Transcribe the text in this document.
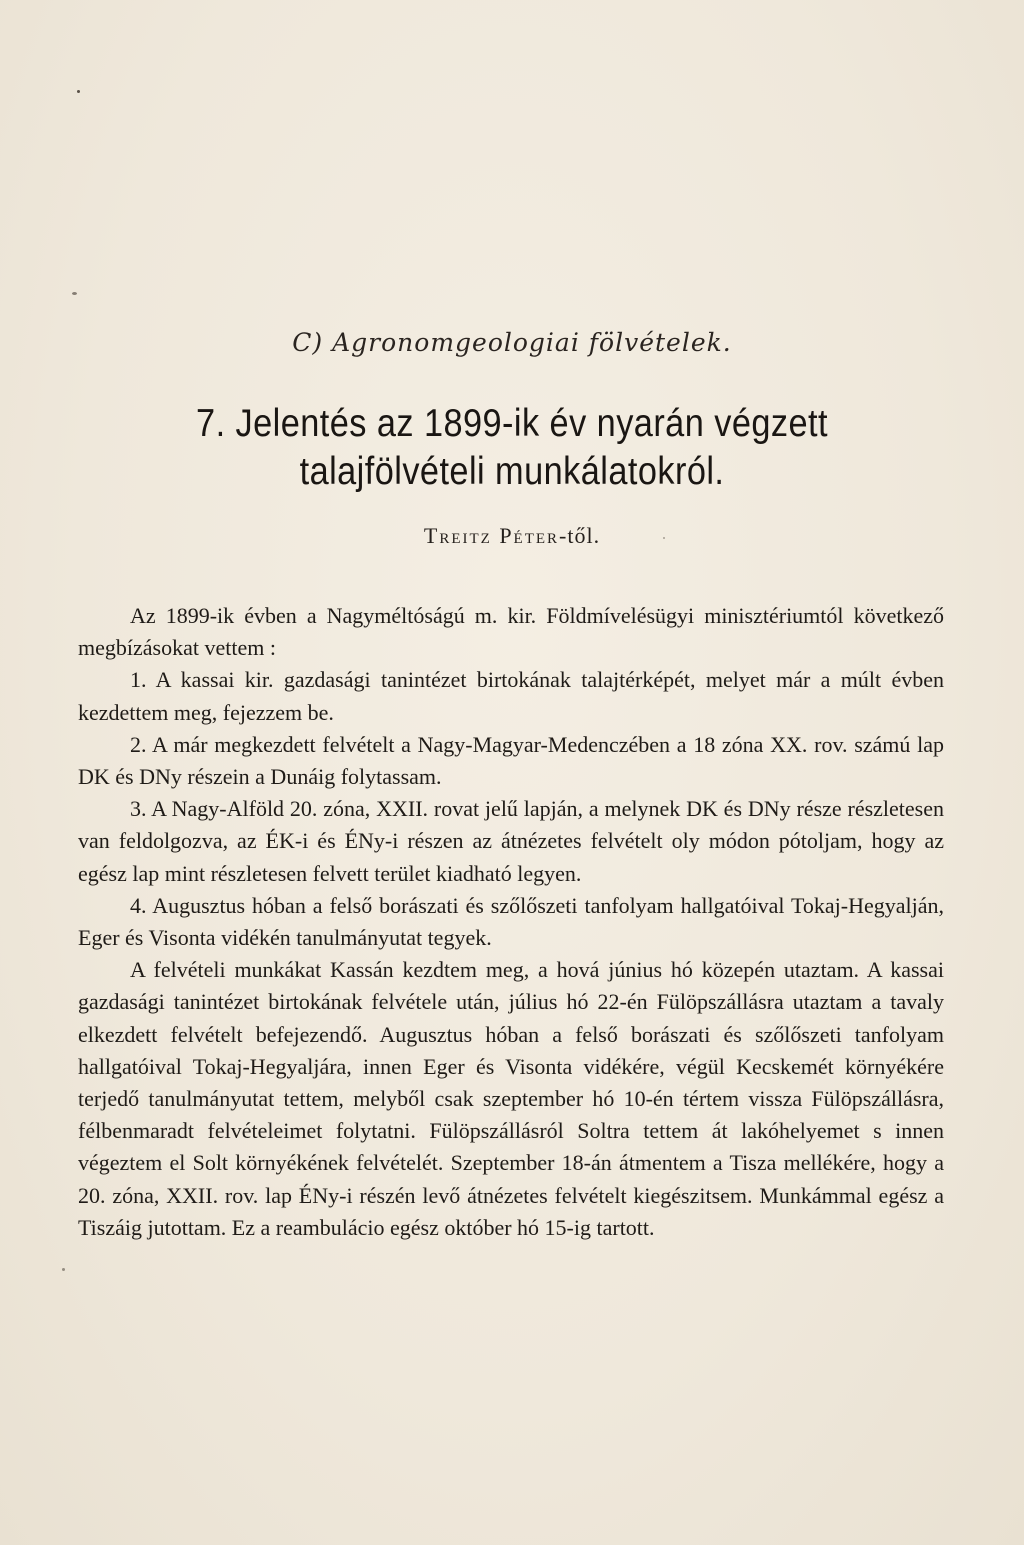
C) Agronomgeologiai fölvételek.
7. Jelentés az 1899-ik év nyarán végzett talajfölvételi munkálatokról.
Treitz Péter-től.

Az 1899-ik évben a Nagyméltóságú m. kir. Földmívelésügyi minisztériumtól következő megbízásokat vettem :

1. A kassai kir. gazdasági tanintézet birtokának talajtérképét, melyet már a múlt évben kezdettem meg, fejezzem be.

2. A már megkezdett felvételt a Nagy-Magyar-Medenczében a 18 zóna XX. rov. számú lap DK és DNy részein a Dunáig folytassam.

3. A Nagy-Alföld 20. zóna, XXII. rovat jelű lapján, a melynek DK és DNy része részletesen van feldolgozva, az ÉK-i és ÉNy-i részen az átnézetes felvételt oly módon pótoljam, hogy az egész lap mint részletesen felvett terület kiadható legyen.

4. Augusztus hóban a felső borászati és szőlőszeti tanfolyam hallgatóival Tokaj-Hegyalján, Eger és Visonta vidékén tanulmányutat tegyek.

A felvételi munkákat Kassán kezdtem meg, a hová június hó közepén utaztam. A kassai gazdasági tanintézet birtokának felvétele után, július hó 22-én Fülöpszállásra utaztam a tavaly elkezdett felvételt befejezendő. Augusztus hóban a felső borászati és szőlőszeti tanfolyam hallgatóival Tokaj-Hegyaljára, innen Eger és Visonta vidékére, végül Kecskemét környékére terjedő tanulmányutat tettem, melyből csak szeptember hó 10-én tértem vissza Fülöpszállásra, félbenmaradt felvételeimet folytatni. Fülöpszállásról Soltra tettem át lakóhelyemet s innen végeztem el Solt környékének felvételét. Szeptember 18-án átmentem a Tisza mellékére, hogy a 20. zóna, XXII. rov. lap ÉNy-i részén levő átnézetes felvételt kiegészitsem. Munkámmal egész a Tiszáig jutottam. Ez a reambulácio egész október hó 15-ig tartott.
